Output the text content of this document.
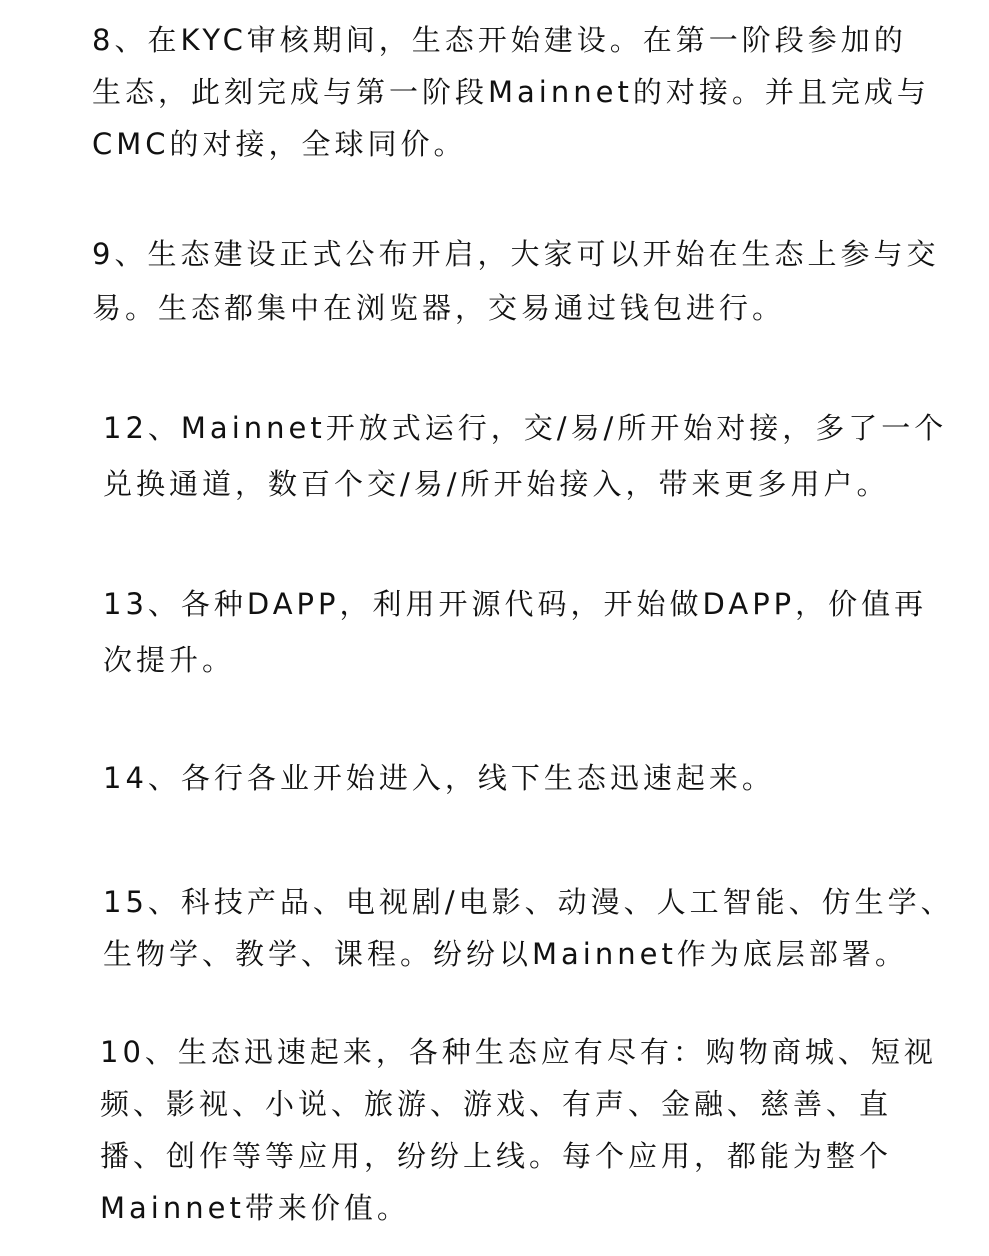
8、在KYC审核期间，生态开始建设。在第一阶段参加的
生态，此刻完成与第一阶段Mainnet的对接。并且完成与
CMC的对接，全球同价。
9、生态建设正式公布开启，大家可以开始在生态上参与交
易。生态都集中在浏览器，交易通过钱包进行。
12、Mainnet开放式运行，交/易/所开始对接，多了一个
兑换通道，数百个交/易/所开始接入，带来更多用户。
13、各种DAPP，利用开源代码，开始做DAPP，价值再
次提升。
14、各行各业开始进入，线下生态迅速起来。
15、科技产品、电视剧/电影、动漫、人工智能、仿生学、
生物学、教学、课程。纷纷以Mainnet作为底层部署。
10、生态迅速起来，各种生态应有尽有：购物商城、短视
频、影视、小说、旅游、游戏、有声、金融、慈善、直
播、创作等等应用，纷纷上线。每个应用，都能为整个
Mainnet带来价值。
